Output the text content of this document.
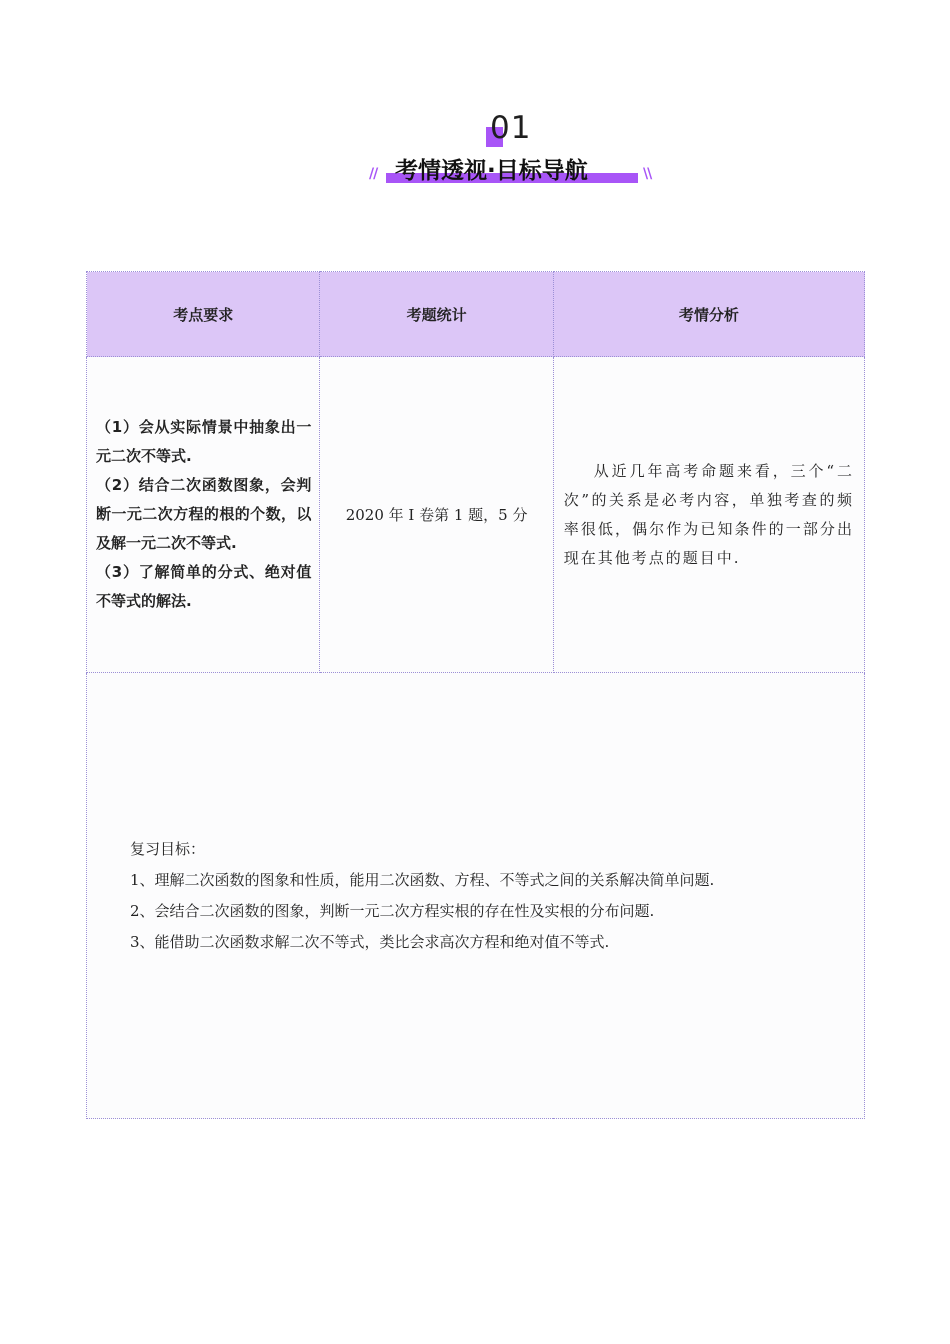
01
// 考情透视·目标导航	\\
考点要求	考题统计	考情分析

（1）会从实际情景中抽象出一元二次不等式.

（2）结合二次函数图象，会判断一元二次方程的根的个数，以及解一元二次不等式.

（3）了解简单的分式、绝对值不等式的解法.	2020 年 I 卷第 1 题，5 分	从近几年高考命题来看，三个“二次”的关系是必考内容，单独考查的频率很低，偶尔作为已知条件的一部分出现在其他考点的题目中.

复习目标：

1、理解二次函数的图象和性质，能用二次函数、方程、不等式之间的关系解决简单问题.

2、会结合二次函数的图象，判断一元二次方程实根的存在性及实根的分布问题.

3、能借助二次函数求解二次不等式，类比会求高次方程和绝对值不等式.		
